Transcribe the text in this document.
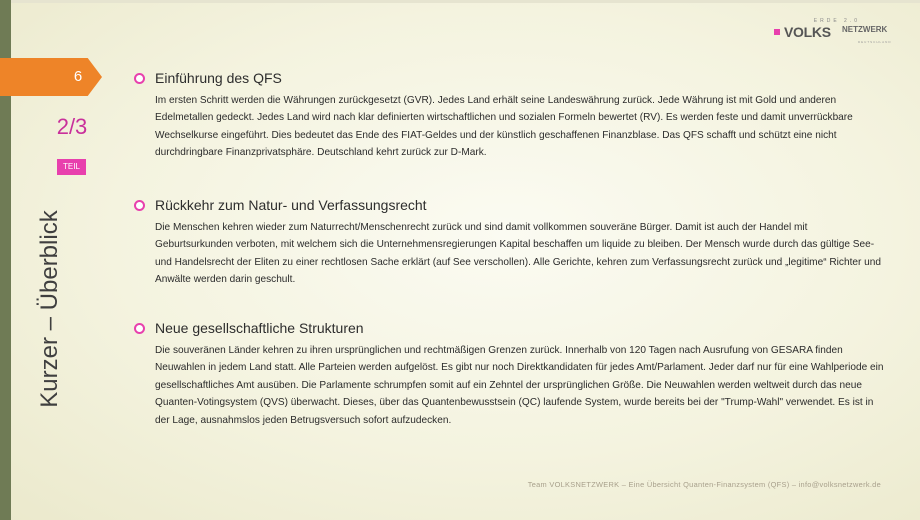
6
2/3
TEIL
Kurzer – Überblick
ERDE 2.0
VOLKS NETZWERK
DEUTSCHLAND
Einführung des QFS
Im ersten Schritt werden die Währungen zurückgesetzt (GVR). Jedes Land erhält seine Landeswährung zurück. Jede Währung ist mit Gold und anderen Edelmetallen gedeckt. Jedes Land wird nach klar definierten wirtschaftlichen und sozialen Formeln bewertet (RV). Es werden feste und damit unverrückbare Wechselkurse eingeführt. Dies bedeutet das Ende des FIAT-Geldes und der künstlich geschaffenen Finanzblase. Das QFS schafft und schützt eine nicht durchdringbare Finanzprivatsphäre. Deutschland kehrt zurück zur D-Mark.
Rückkehr zum Natur- und Verfassungsrecht
Die Menschen kehren wieder zum Naturrecht/Menschenrecht zurück und sind damit vollkommen souveräne Bürger. Damit ist auch der Handel mit Geburtsurkunden verboten, mit welchem sich die Unternehmensregierungen Kapital beschaffen um liquide zu bleiben. Der Mensch wurde durch das gültige See- und Handelsrecht der Eliten zu einer rechtlosen Sache erklärt (auf See verschollen). Alle Gerichte, kehren zum Verfassungsrecht zurück und „legitime“ Richter und Anwälte werden darin geschult.
Neue gesellschaftliche Strukturen
Die souveränen Länder kehren zu ihren ursprünglichen und rechtmäßigen Grenzen zurück. Innerhalb von 120 Tagen nach Ausrufung von GESARA finden Neuwahlen in jedem Land statt. Alle Parteien werden aufgelöst. Es gibt nur noch Direktkandidaten für jedes Amt/Parlament. Jeder darf nur für eine Wahlperiode ein gesellschaftliches Amt ausüben. Die Parlamente schrumpfen somit auf ein Zehntel der ursprünglichen Größe. Die Neuwahlen werden weltweit durch das neue Quanten-Votingsystem (QVS) überwacht. Dieses, über das Quantenbewusstsein (QC) laufende System, wurde bereits bei der "Trump-Wahl" verwendet. Es ist in der Lage, ausnahmslos jeden Betrugsversuch sofort aufzudecken.
Team VOLKSNETZWERK – Eine Übersicht Quanten-Finanzsystem (QFS) – info@volksnetzwerk.de
